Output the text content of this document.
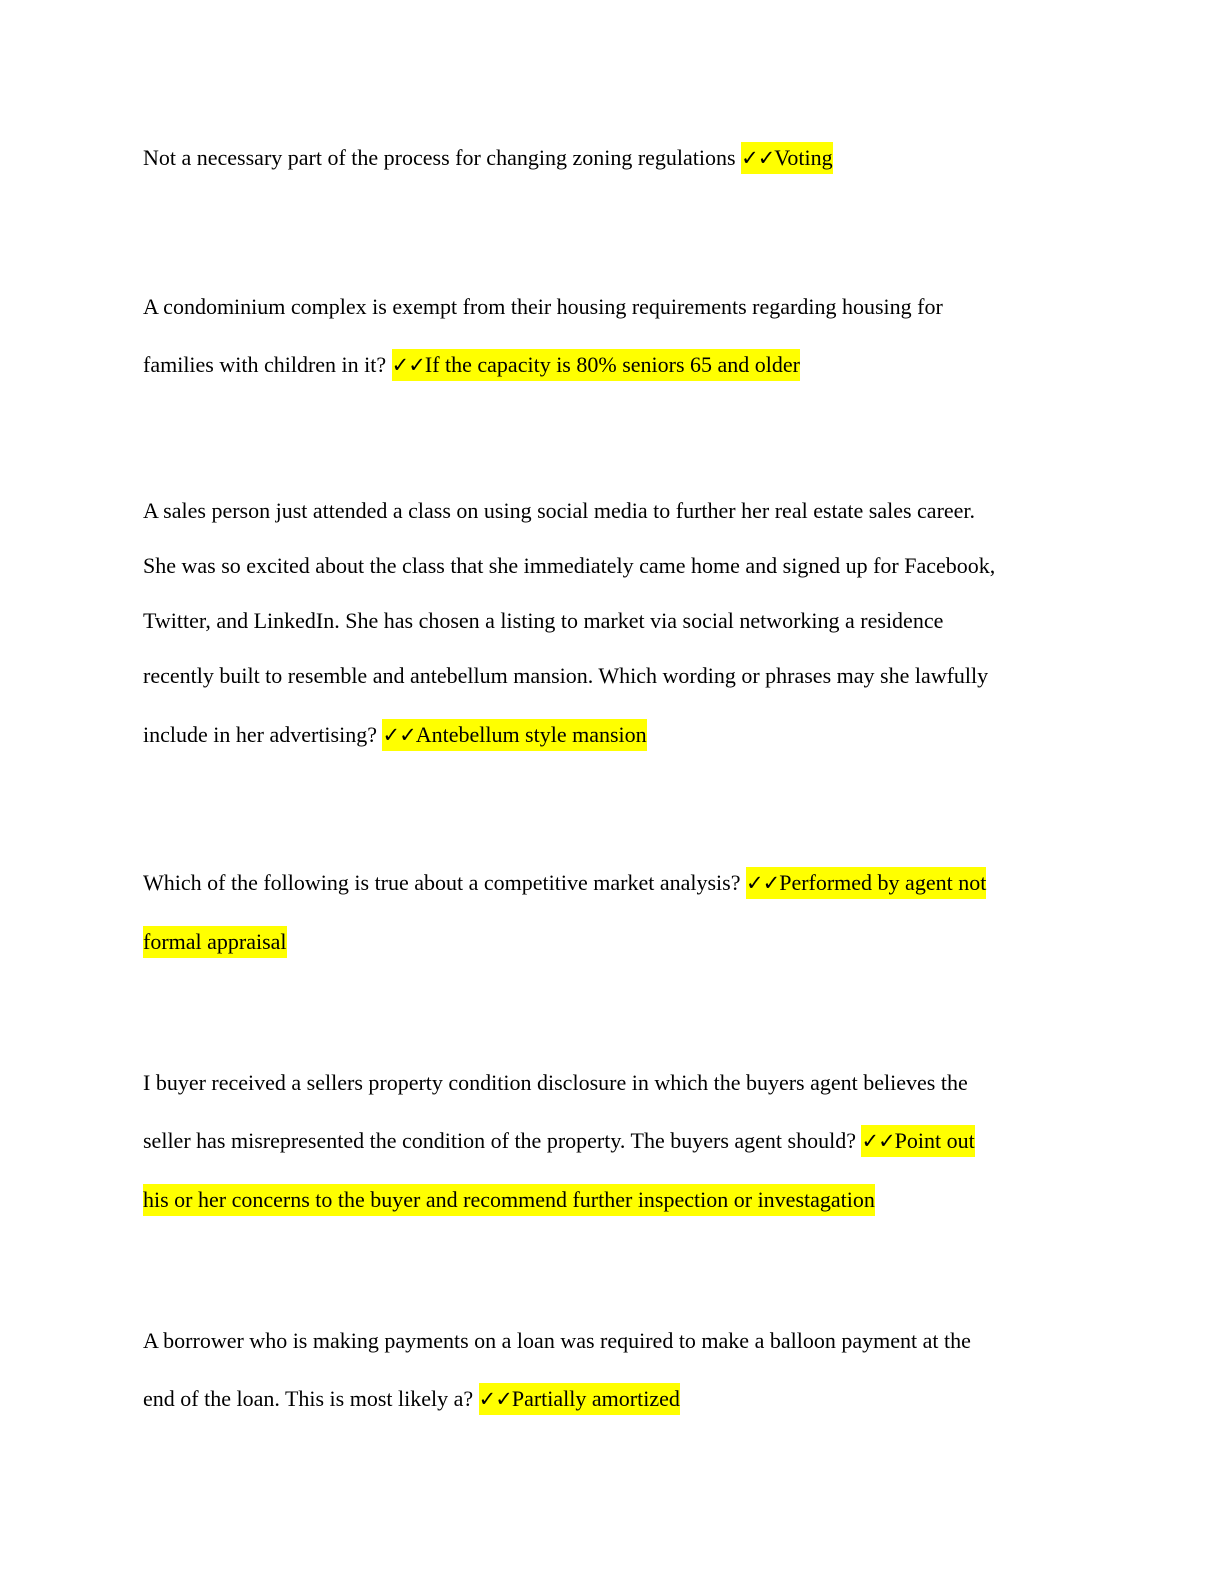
Not a necessary part of the process for changing zoning regulations ✓✓Voting
A condominium complex is exempt from their housing requirements regarding housing for
families with children in it? ✓✓If the capacity is 80% seniors 65 and older
A sales person just attended a class on using social media to further her real estate sales career.
She was so excited about the class that she immediately came home and signed up for Facebook,
Twitter, and LinkedIn. She has chosen a listing to market via social networking a residence
recently built to resemble and antebellum mansion. Which wording or phrases may she lawfully
include in her advertising? ✓✓Antebellum style mansion
Which of the following is true about a competitive market analysis? ✓✓Performed by agent not
formal appraisal
I buyer received a sellers property condition disclosure in which the buyers agent believes the
seller has misrepresented the condition of the property. The buyers agent should? ✓✓Point out
his or her concerns to the buyer and recommend further inspection or investagation
A borrower who is making payments on a loan was required to make a balloon payment at the
end of the loan. This is most likely a? ✓✓Partially amortized
